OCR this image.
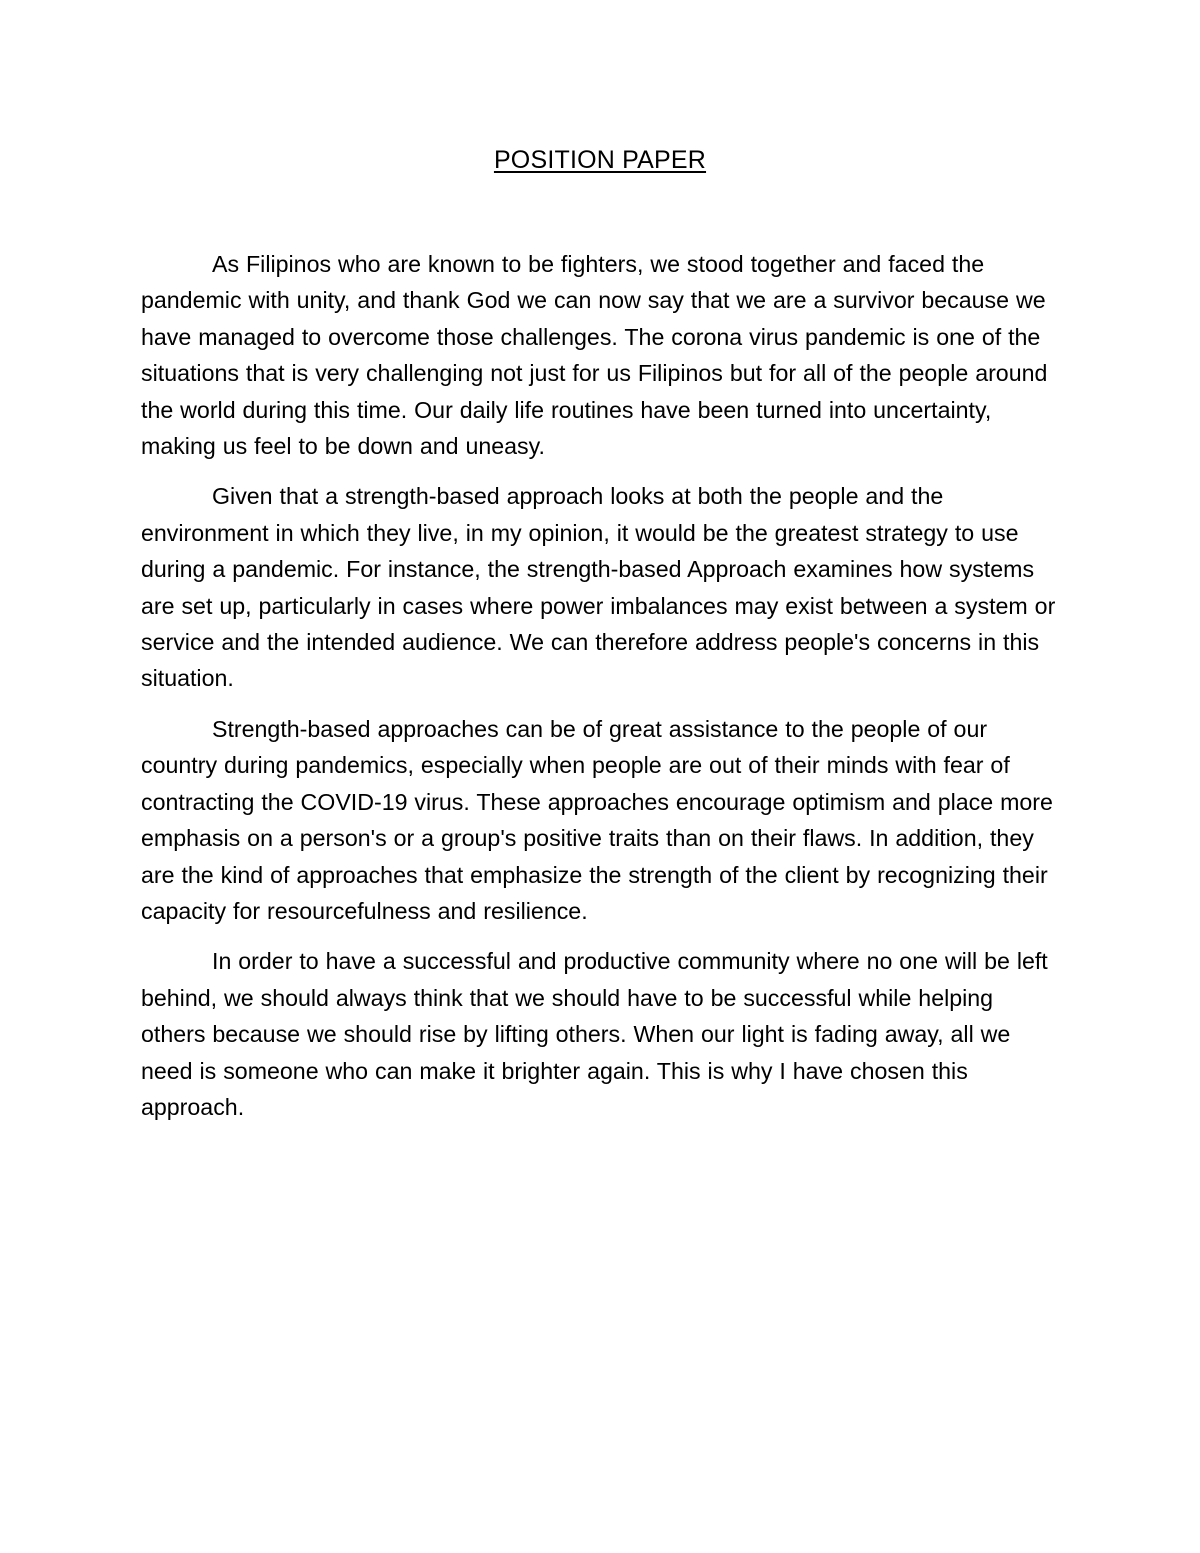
POSITION PAPER

As Filipinos who are known to be fighters, we stood together and faced the pandemic with unity, and thank God we can now say that we are a survivor because we have managed to overcome those challenges. The corona virus pandemic is one of the situations that is very challenging not just for us Filipinos but for all of the people around the world during this time. Our daily life routines have been turned into uncertainty, making us feel to be down and uneasy.

Given that a strength-based approach looks at both the people and the environment in which they live, in my opinion, it would be the greatest strategy to use during a pandemic. For instance, the strength-based Approach examines how systems are set up, particularly in cases where power imbalances may exist between a system or service and the intended audience. We can therefore address people's concerns in this situation.

Strength-based approaches can be of great assistance to the people of our country during pandemics, especially when people are out of their minds with fear of contracting the COVID-19 virus. These approaches encourage optimism and place more emphasis on a person's or a group's positive traits than on their flaws. In addition, they are the kind of approaches that emphasize the strength of the client by recognizing their capacity for resourcefulness and resilience.

In order to have a successful and productive community where no one will be left behind, we should always think that we should have to be successful while helping others because we should rise by lifting others. When our light is fading away, all we need is someone who can make it brighter again. This is why I have chosen this approach.
